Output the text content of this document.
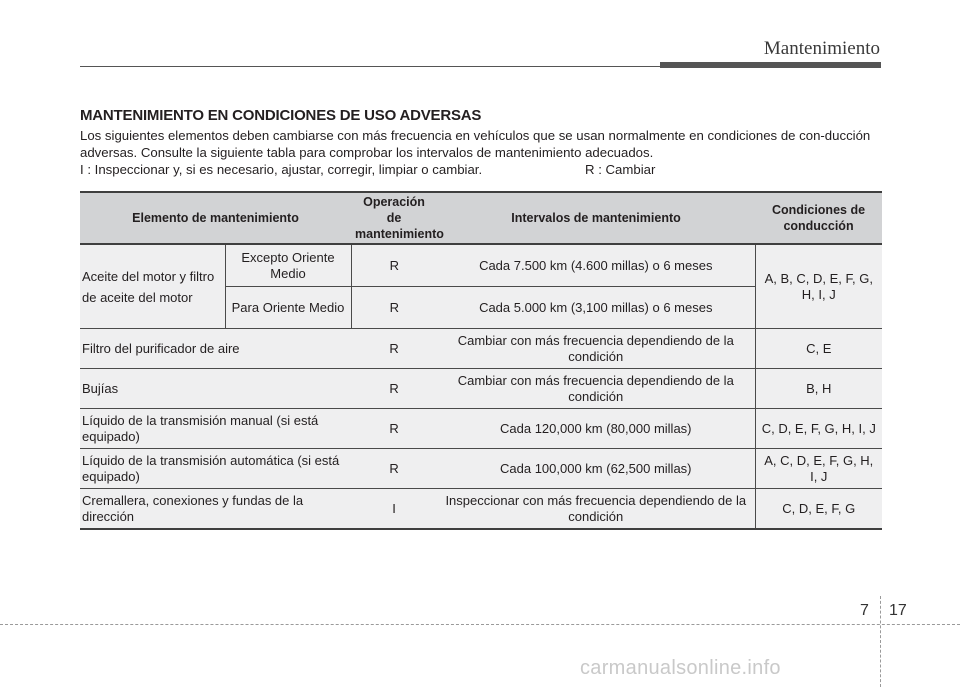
Mantenimiento
MANTENIMIENTO EN CONDICIONES DE USO ADVERSAS
Los siguientes elementos deben cambiarse con más frecuencia en vehículos que se usan normalmente en condiciones de con-ducción adversas. Consulte la siguiente tabla para comprobar los intervalos de mantenimiento adecuados.
I : Inspeccionar y, si es necesario, ajustar, corregir, limpiar o cambiar.	R : Cambiar
Elemento de mantenimiento		Operación de mantenimiento	Intervalos de mantenimiento	Condiciones de conducción

Aceite del motor y filtro de aceite del motor	Excepto Oriente Medio	R	Cada 7.500 km (4.600 millas) o 6 meses	A, B, C, D, E, F, G, H, I, J
	Para Oriente Medio	R	Cada 5.000 km (3,100 millas) o 6 meses	
Filtro del purificador de aire		R	Cambiar con más frecuencia dependiendo de la condición	C, E
Bujías		R	Cambiar con más frecuencia dependiendo de la condición	B, H
Líquido de la transmisión manual (si está equipado)		R	Cada 120,000 km (80,000 millas)	C, D, E, F, G, H, I, J
Líquido de la transmisión automática (si está equipado)		R	Cada 100,000 km (62,500 millas)	A, C, D, E, F, G, H, I, J
Cremallera, conexiones y fundas de la dirección		I	Inspeccionar con más frecuencia dependiendo de la condición	C, D, E, F, G
7 17
carmanualsonline.info
